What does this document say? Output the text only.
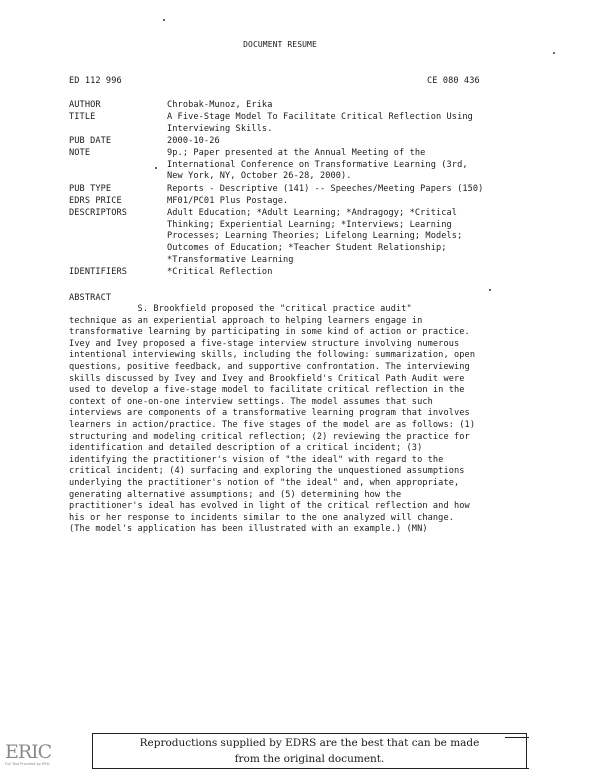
DOCUMENT RESUME
ED 112 996	CE 080 436
AUTHOR	Chrobak-Munoz, Erika
TITLE	A Five-Stage Model To Facilitate Critical Reflection Using
Interviewing Skills.
PUB DATE	2000-10-26
NOTE	9p.; Paper presented at the Annual Meeting of the
International Conference on Transformative Learning (3rd,
New York, NY, October 26-28, 2000).
PUB TYPE	Reports - Descriptive (141) -- Speeches/Meeting Papers (150)
EDRS PRICE	MF01/PC01 Plus Postage.
DESCRIPTORS	Adult Education; *Adult Learning; *Andragogy; *Critical
Thinking; Experiential Learning; *Interviews; Learning
Processes; Learning Theories; Lifelong Learning; Models;
Outcomes of Education; *Teacher Student Relationship;
*Transformative Learning
IDENTIFIERS	*Critical Reflection
ABSTRACT
S. Brookfield proposed the "critical practice audit"
technique as an experiential approach to helping learners engage in
transformative learning by participating in some kind of action or practice.
Ivey and Ivey proposed a five-stage interview structure involving numerous
intentional interviewing skills, including the following: summarization, open
questions, positive feedback, and supportive confrontation. The interviewing
skills discussed by Ivey and Ivey and Brookfield's Critical Path Audit were
used to develop a five-stage model to facilitate critical reflection in the
context of one-on-one interview settings. The model assumes that such
interviews are components of a transformative learning program that involves
learners in action/practice. The five stages of the model are as follows: (1)
structuring and modeling critical reflection; (2) reviewing the practice for
identification and detailed description of a critical incident; (3)
identifying the practitioner's vision of "the ideal" with regard to the
critical incident; (4) surfacing and exploring the unquestioned assumptions
underlying the practitioner's notion of "the ideal" and, when appropriate,
generating alternative assumptions; and (5) determining how the
practitioner's ideal has evolved in light of the critical reflection and how
his or her response to incidents similar to the one analyzed will change.
(The model's application has been illustrated with an example.) (MN)
ERIC
Full Text Provided by ERIC
Reproductions supplied by EDRS are the best that can be made
from the original document.
